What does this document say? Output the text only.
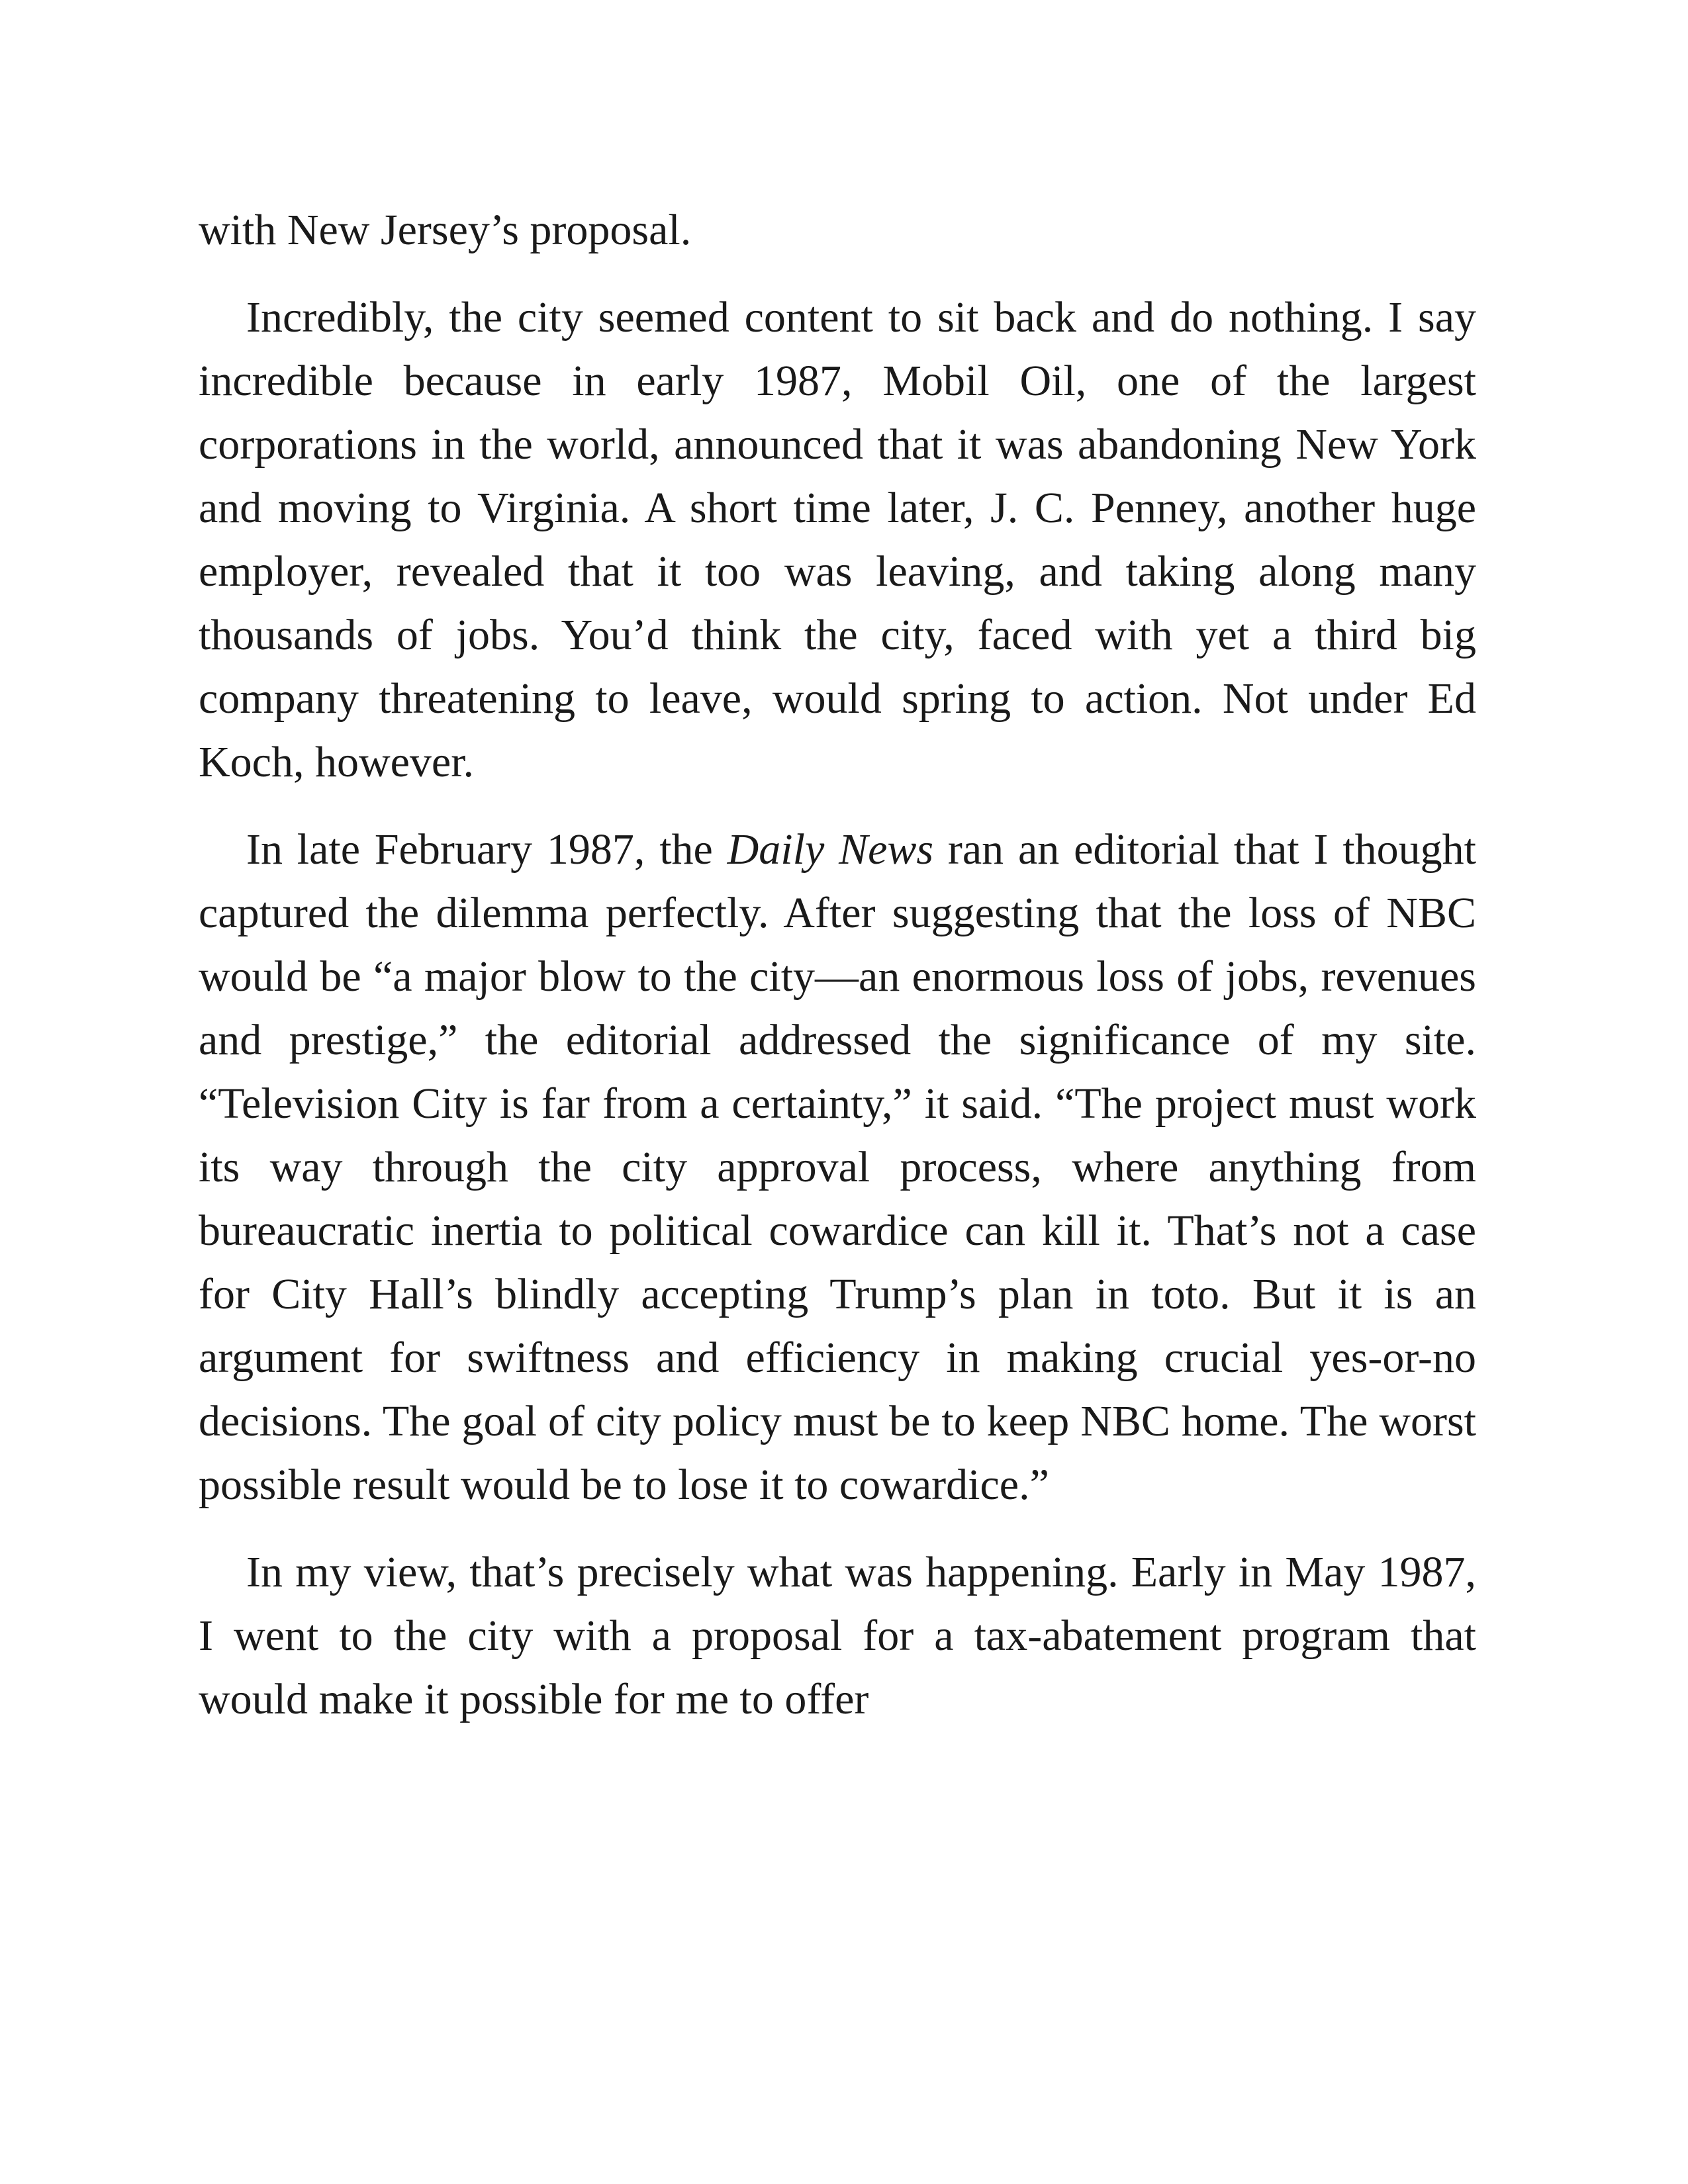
with New Jersey’s proposal.

Incredibly, the city seemed content to sit back and do nothing. I say incredible because in early 1987, Mobil Oil, one of the largest corporations in the world, announced that it was abandoning New York and moving to Virginia. A short time later, J. C. Penney, another huge employer, revealed that it too was leaving, and taking along many thousands of jobs. You’d think the city, faced with yet a third big company threatening to leave, would spring to action. Not under Ed Koch, however.

In late February 1987, the Daily News ran an editorial that I thought captured the dilemma perfectly. After suggesting that the loss of NBC would be “a major blow to the city—an enormous loss of jobs, revenues and prestige,” the editorial addressed the significance of my site. “Television City is far from a certainty,” it said. “The project must work its way through the city approval process, where anything from bureaucratic inertia to political cowardice can kill it. That’s not a case for City Hall’s blindly accepting Trump’s plan in toto. But it is an argument for swiftness and efficiency in making crucial yes-or-no decisions. The goal of city policy must be to keep NBC home. The worst possible result would be to lose it to cowardice.”

In my view, that’s precisely what was happening. Early in May 1987, I went to the city with a proposal for a tax-abatement program that would make it possible for me to offer
